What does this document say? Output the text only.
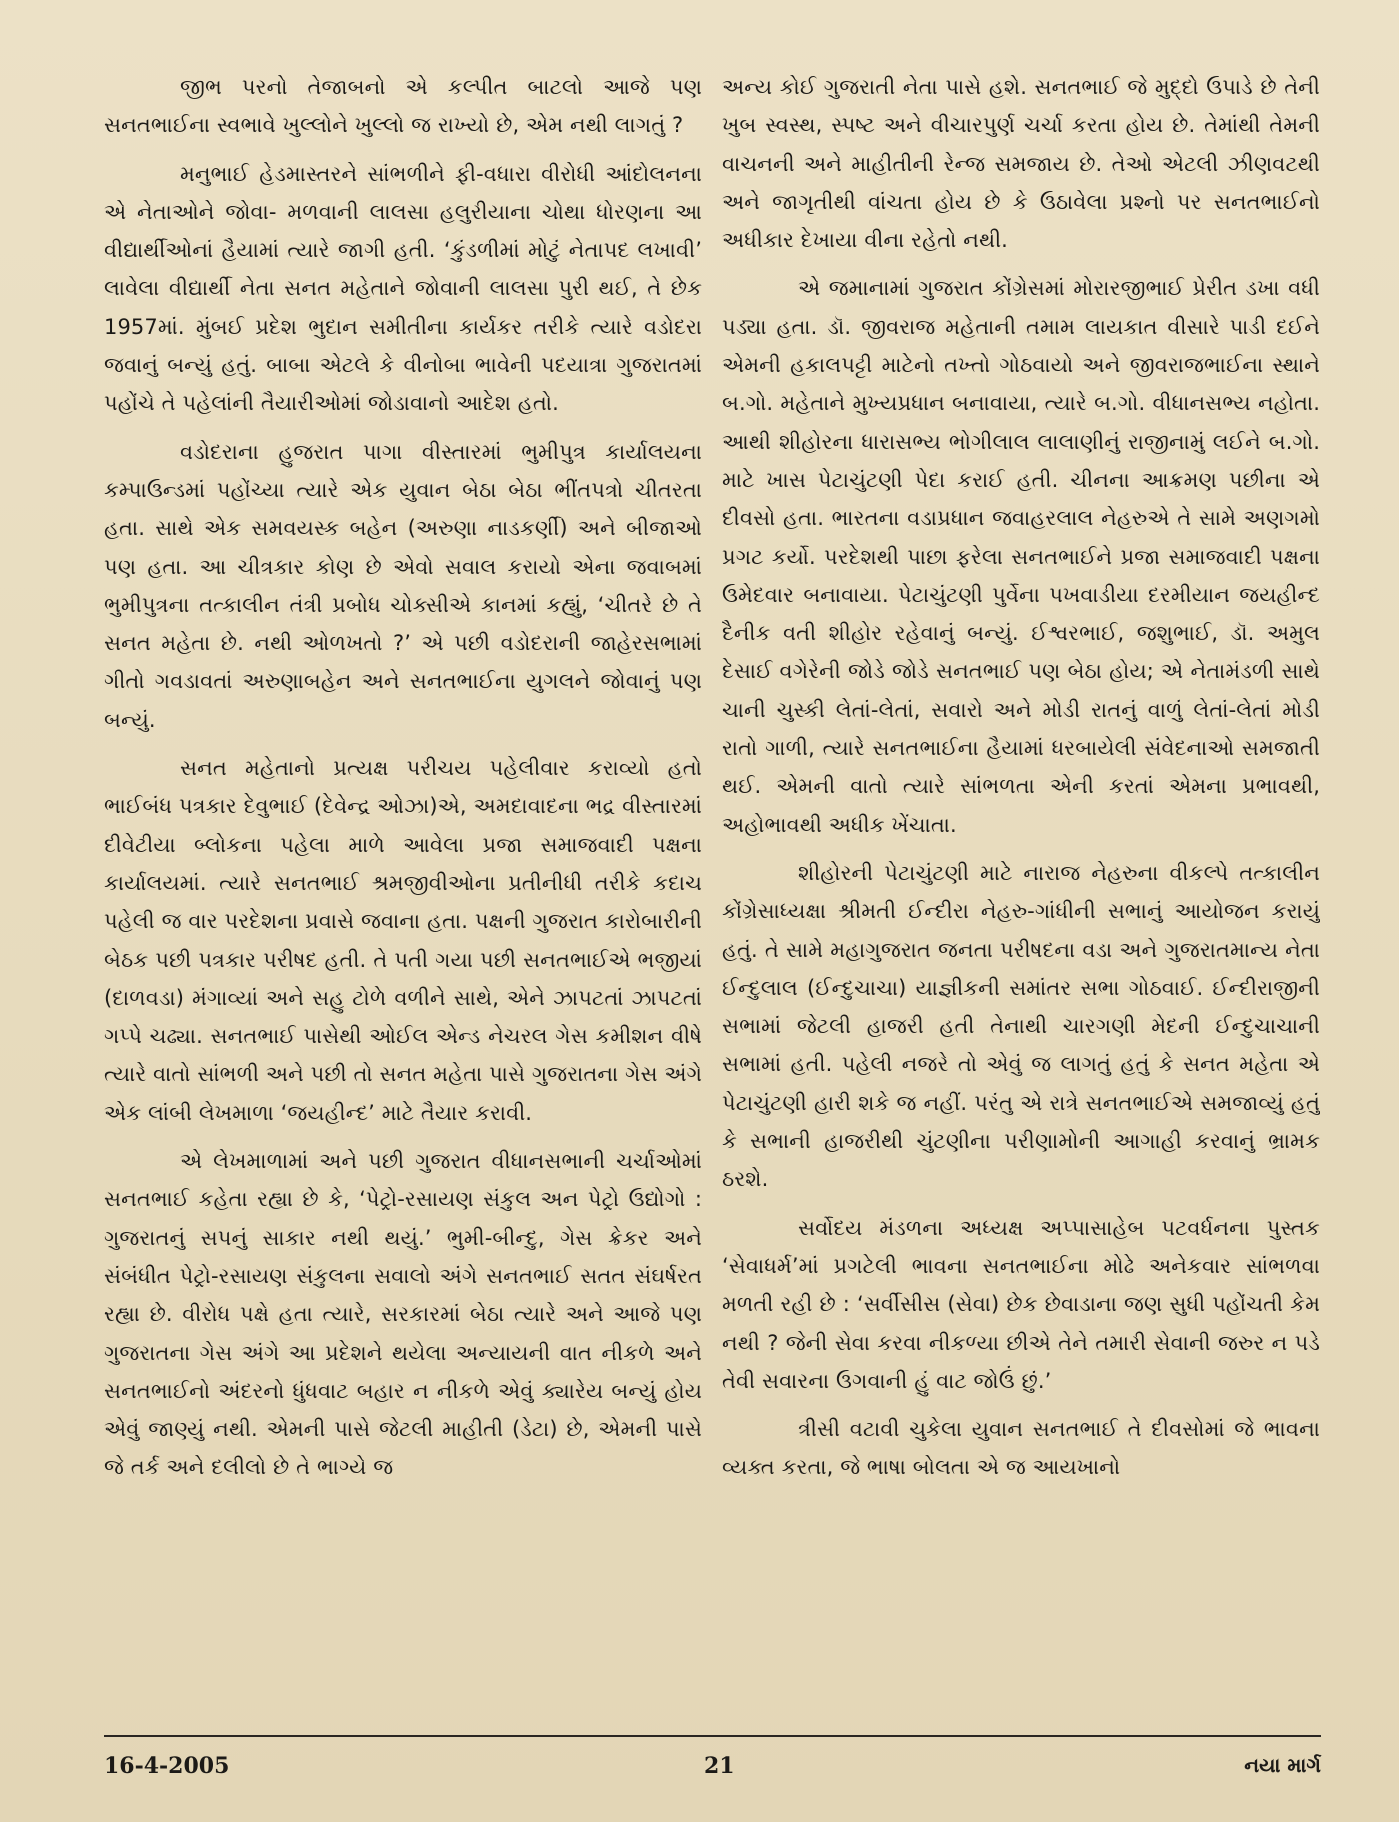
જીભ પરનો તેજાબનો એ કલ્પીત બાટલો આજે પણ સનતભાઈના સ્વભાવે ખુલ્લોને ખુલ્લો જ રાખ્યો છે, એમ નથી લાગતું ?

મનુભાઈ હેડમાસ્તરને સાંભળીને ફી-વધારા વીરોધી આંદોલનના એ નેતાઓને જોવા- મળવાની લાલસા હલુરીયાના ચોથા ધોરણના આ વીદ્યાર્થીઓનાં હૈયામાં ત્યારે જાગી હતી. ‘કુંડળીમાં મોટું નેતાપદ લખાવી’ લાવેલા વીદ્યાર્થી નેતા સનત મહેતાને જોવાની લાલસા પુરી થઈ, તે છેક 1957માં. મુંબઈ પ્રદેશ ભુદાન સમીતીના કાર્યકર તરીકે ત્યારે વડોદરા જવાનું બન્યું હતું. બાબા એટલે કે વીનોબા ભાવેની પદયાત્રા ગુજરાતમાં પહોંચે તે પહેલાંની તૈયારીઓમાં જોડાવાનો આદેશ હતો.

વડોદરાના હુજરાત પાગા વીસ્તારમાં ભુમીપુત્ર કાર્યાલયના કમ્પાઉન્ડમાં પહોંચ્યા ત્યારે એક યુવાન બેઠા બેઠા ભીંતપત્રો ચીતરતા હતા. સાથે એક સમવયસ્ક બહેન (અરુણા નાડકર્ણી) અને બીજાઓ પણ હતા. આ ચીત્રકાર કોણ છે એવો સવાલ કરાયો એના જવાબમાં ભુમીપુત્રના તત્કાલીન તંત્રી પ્રબોધ ચોક્સીએ કાનમાં કહ્યું, ‘ચીતરે છે તે સનત મહેતા છે. નથી ઓળખતો ?’ એ પછી વડોદરાની જાહેરસભામાં ગીતો ગવડાવતાં અરુણાબહેન અને સનતભાઈના યુગલને જોવાનું પણ બન્યું.

સનત મહેતાનો પ્રત્યક્ષ પરીચય પહેલીવાર કરાવ્યો હતો ભાઈબંધ પત્રકાર દેવુભાઈ (દેવેન્દ્ર ઓઝા)એ, અમદાવાદના ભદ્ર વીસ્તારમાં દીવેટીયા બ્લોકના પહેલા માળે આવેલા પ્રજા સમાજવાદી પક્ષના કાર્યાલયમાં. ત્યારે સનતભાઈ શ્રમજીવીઓના પ્રતીનીધી તરીકે કદાચ પહેલી જ વાર પરદેશના પ્રવાસે જવાના હતા. પક્ષની ગુજરાત કારોબારીની બેઠક પછી પત્રકાર પરીષદ હતી. તે પતી ગયા પછી સનતભાઈએ ભજીયાં (દાળવડા) મંગાવ્યાં અને સહુ ટોળે વળીને સાથે, એને ઝાપટતાં ઝાપટતાં ગપ્પે ચઢ્યા. સનતભાઈ પાસેથી ઓઈલ એન્ડ નેચરલ ગેસ કમીશન વીષે ત્યારે વાતો સાંભળી અને પછી તો સનત મહેતા પાસે ગુજરાતના ગેસ અંગે એક લાંબી લેખમાળા ‘જયહીન્દ’ માટે તૈયાર કરાવી.

એ લેખમાળામાં અને પછી ગુજરાત વીધાનસભાની ચર્ચાઓમાં સનતભાઈ કહેતા રહ્યા છે કે, ‘પેટ્રો-રસાયણ સંકુલ અન પેટ્રો ઉદ્યોગો : ગુજરાતનું સપનું સાકાર નથી થયું.’ ભુમી-બીન્દુ, ગેસ ક્રેકર અને સંબંધીત પેટ્રો-રસાયણ સંકુલના સવાલો અંગે સનતભાઈ સતત સંઘર્ષરત રહ્યા છે. વીરોધ પક્ષે હતા ત્યારે, સરકારમાં બેઠા ત્યારે અને આજે પણ ગુજરાતના ગેસ અંગે આ પ્રદેશને થયેલા અન્યાયની વાત નીકળે અને સનતભાઈનો અંદરનો ધુંધવાટ બહાર ન નીકળે એવું ક્યારેય બન્યું હોય એવું જાણ્યું નથી. એમની પાસે જેટલી માહીતી (ડેટા) છે, એમની પાસે જે તર્ક અને દલીલો છે તે ભાગ્યે જ

અન્ય કોઈ ગુજરાતી નેતા પાસે હશે. સનતભાઈ જે મુદ્દો ઉપાડે છે તેની ખુબ સ્વસ્થ, સ્પષ્ટ અને વીચારપુર્ણ ચર્ચા કરતા હોય છે. તેમાંથી તેમની વાચનની અને માહીતીની રેન્જ સમજાય છે. તેઓ એટલી ઝીણવટથી અને જાગૃતીથી વાંચતા હોય છે કે ઉઠાવેલા પ્રશ્નો પર સનતભાઈનો અધીકાર દેખાયા વીના રહેતો નથી.

એ જમાનામાં ગુજરાત કોંગ્રેસમાં મોરારજીભાઈ પ્રેરીત ડખા વધી પડ્યા હતા. ડૉ. જીવરાજ મહેતાની તમામ લાયકાત વીસારે પાડી દઈને એમની હકાલપટ્ટી માટેનો તખ્તો ગોઠવાયો અને જીવરાજભાઈના સ્થાને બ.ગો. મહેતાને મુખ્યપ્રધાન બનાવાયા, ત્યારે બ.ગો. વીધાનસભ્ય નહોતા. આથી શીહોરના ધારાસભ્ય ભોગીલાલ લાલાણીનું રાજીનામું લઈને બ.ગો. માટે ખાસ પેટાચુંટણી પેદા કરાઈ હતી. ચીનના આક્રમણ પછીના એ દીવસો હતા. ભારતના વડાપ્રધાન જવાહરલાલ નેહરુએ તે સામે અણગમો પ્રગટ કર્યો. પરદેશથી પાછા ફરેલા સનતભાઈને પ્રજા સમાજવાદી પક્ષના ઉમેદવાર બનાવાયા. પેટાચુંટણી પુર્વેના પખવાડીયા દરમીયાન જયહીન્દ દૈનીક વતી શીહોર રહેવાનું બન્યું. ઈશ્વરભાઈ, જશુભાઈ, ડૉ. અમુલ દેસાઈ વગેરેની જોડે જોડે સનતભાઈ પણ બેઠા હોય; એ નેતામંડળી સાથે ચાની ચુસ્કી લેતાં-લેતાં, સવારો અને મોડી રાતનું વાળું લેતાં-લેતાં મોડી રાતો ગાળી, ત્યારે સનતભાઈના હૈયામાં ધરબાયેલી સંવેદનાઓ સમજાતી થઈ. એમની વાતો ત્યારે સાંભળતા એની કરતાં એમના પ્રભાવથી, અહોભાવથી અધીક ખેંચાતા.

શીહોરની પેટાચુંટણી માટે નારાજ નેહરુના વીકલ્પે તત્કાલીન કોંગ્રેસાધ્યક્ષા શ્રીમતી ઈન્દીરા નેહરુ-ગાંધીની સભાનું આયોજન કરાયું હતું. તે સામે મહાગુજરાત જનતા પરીષદના વડા અને ગુજરાતમાન્ય નેતા ઈન્દુલાલ (ઈન્દુચાચા) યાજ્ઞીકની સમાંતર સભા ગોઠવાઈ. ઈન્દીરાજીની સભામાં જેટલી હાજરી હતી તેનાથી ચારગણી મેદની ઈન્દુચાચાની સભામાં હતી. પહેલી નજરે તો એવું જ લાગતું હતું કે સનત મહેતા એ પેટાચુંટણી હારી શકે જ નહીં. પરંતુ એ રાત્રે સનતભાઈએ સમજાવ્યું હતું કે સભાની હાજરીથી ચુંટણીના પરીણામોની આગાહી કરવાનું ભ્રામક ઠરશે.

સર્વોદય મંડળના અધ્યક્ષ અપ્પાસાહેબ પટવર્ધનના પુસ્તક ‘સેવાધર્મ’માં પ્રગટેલી ભાવના સનતભાઈના મોઢે અનેકવાર સાંભળવા મળતી રહી છે : ‘સર્વીસીસ (સેવા) છેક છેવાડાના જણ સુધી પહોંચતી કેમ નથી ? જેની સેવા કરવા નીકળ્યા છીએ તેને તમારી સેવાની જરુર ન પડે તેવી સવારના ઉગવાની હું વાટ જોઉં છું.’

ત્રીસી વટાવી ચુકેલા યુવાન સનતભાઈ તે દીવસોમાં જે ભાવના વ્યક્ત કરતા, જે ભાષા બોલતા એ જ આયખાનો

16-4-2005	21	નયા માર્ગ
